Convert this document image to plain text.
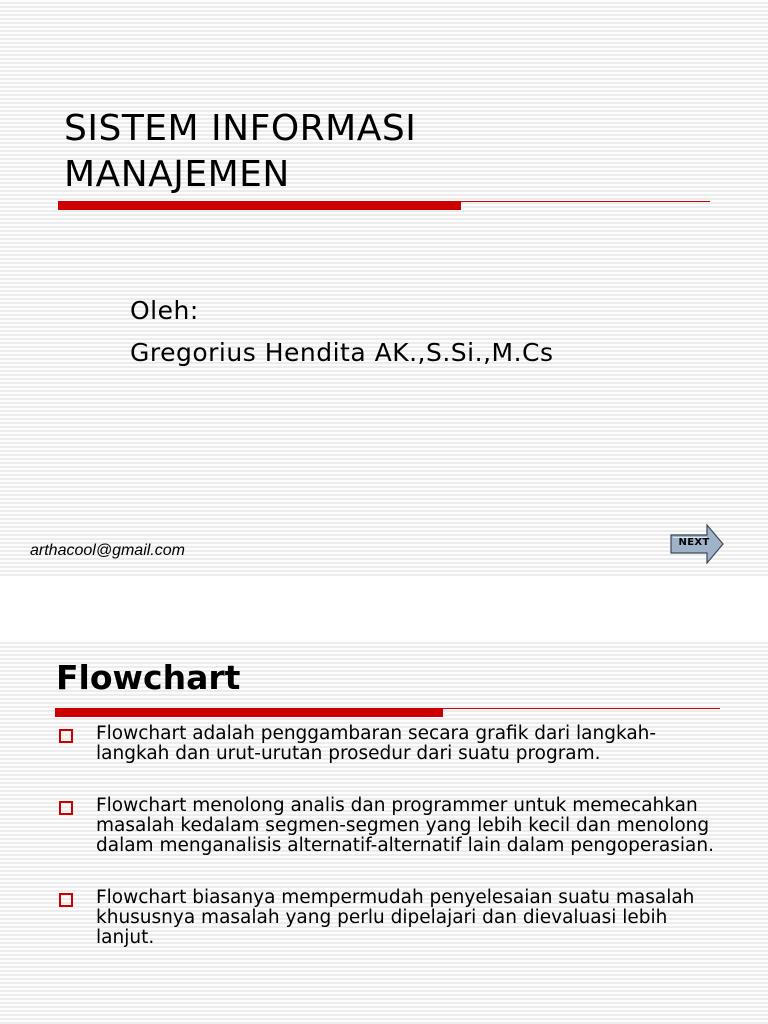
SISTEM INFORMASI
MANAJEMEN
Oleh:
Gregorius Hendita AK.,S.Si.,M.Cs
arthacool@gmail.com	NEXT
Flowchart
Flowchart adalah penggambaran secara grafik dari langkah-langkah dan urut-urutan prosedur dari suatu program.
Flowchart menolong analis dan programmer untuk memecahkan masalah kedalam segmen-segmen yang lebih kecil dan menolong dalam menganalisis alternatif-alternatif lain dalam pengoperasian.
Flowchart biasanya mempermudah penyelesaian suatu masalah khususnya masalah yang perlu dipelajari dan dievaluasi lebih lanjut.
